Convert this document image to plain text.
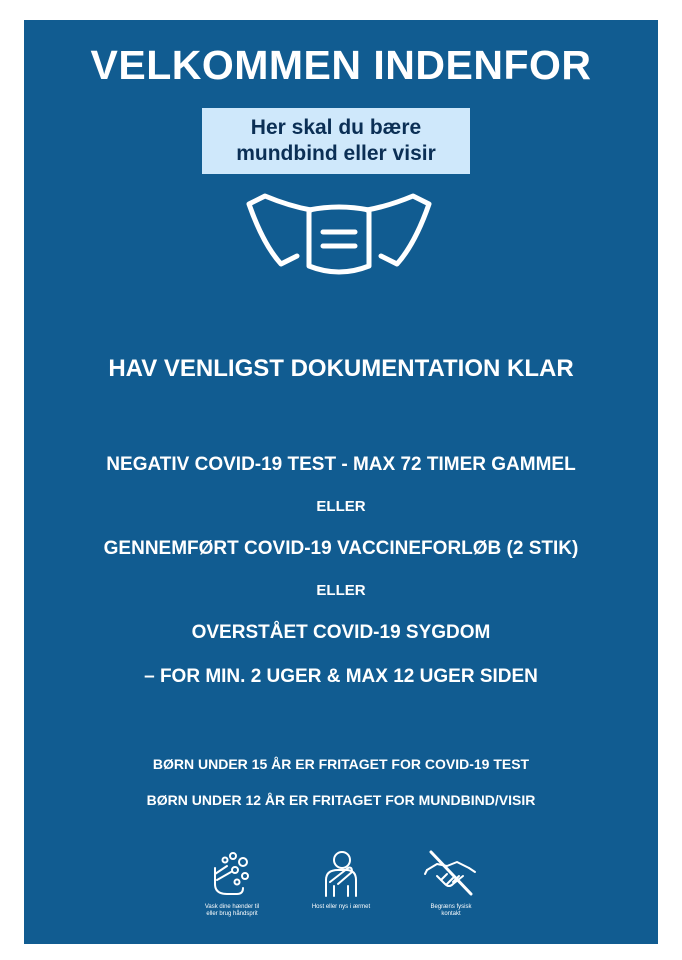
VELKOMMEN INDENFOR
Her skal du bære
mundbind eller visir
HAV VENLIGST DOKUMENTATION KLAR
NEGATIV COVID-19 TEST - MAX 72 TIMER GAMMEL
ELLER
GENNEMFØRT COVID-19 VACCINEFORLØB (2 STIK)
ELLER
OVERSTÅET COVID-19 SYGDOM
– FOR MIN. 2 UGER & MAX 12 UGER SIDEN
BØRN UNDER 15 ÅR ER FRITAGET FOR COVID-19 TEST
BØRN UNDER 12 ÅR ER FRITAGET FOR MUNDBIND/VISIR
Vask dine hænder til
eller brug håndsprit
Host eller nys i ærmet	Begræns fysisk
kontakt
